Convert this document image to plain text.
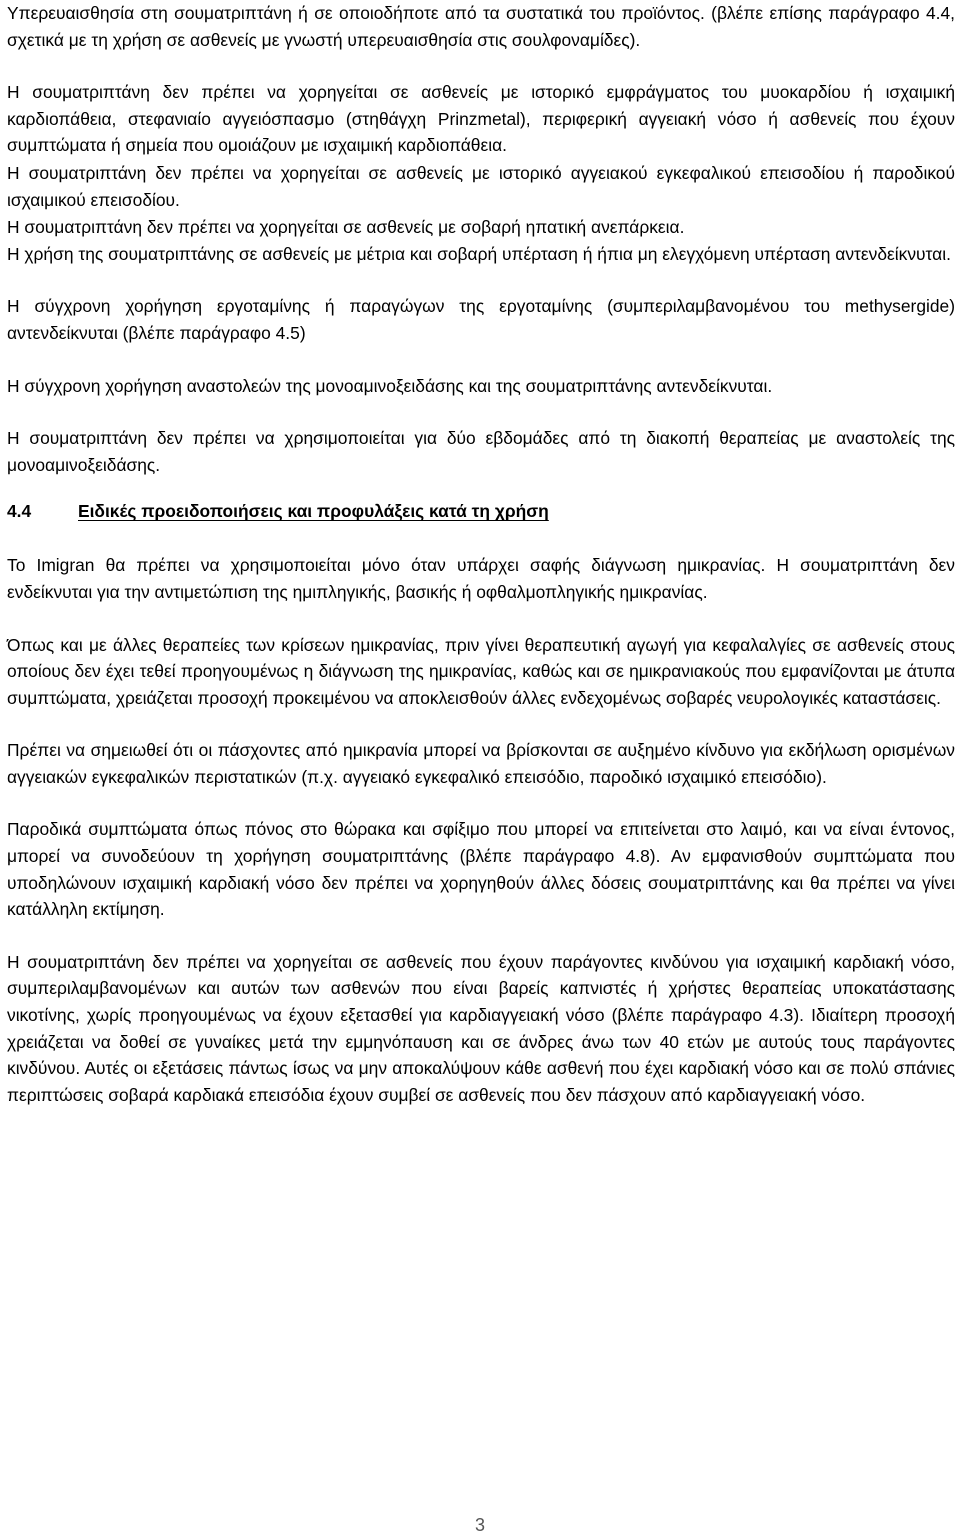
Υπερευαισθησία στη σουματριπτάνη ή σε οποιοδήποτε από τα συστατικά του προϊόντος. (βλέπε επίσης παράγραφο 4.4, σχετικά με τη χρήση σε ασθενείς με γνωστή υπερευαισθησία στις σουλφοναμίδες).

Η σουματριπτάνη δεν πρέπει να χορηγείται σε ασθενείς με ιστορικό εμφράγματος του μυοκαρδίου ή ισχαιμική καρδιοπάθεια, στεφανιαίο αγγειόσπασμο (στηθάγχη Prinzmetal), περιφερική αγγειακή νόσο ή ασθενείς που έχουν συμπτώματα ή σημεία που ομοιάζουν με ισχαιμική καρδιοπάθεια.

Η σουματριπτάνη δεν πρέπει να χορηγείται σε ασθενείς με ιστορικό αγγειακού εγκεφαλικού επεισοδίου ή παροδικού ισχαιμικού επεισοδίου.

Η σουματριπτάνη δεν πρέπει να χορηγείται σε ασθενείς με σοβαρή ηπατική ανεπάρκεια.

Η χρήση της σουματριπτάνης σε ασθενείς με μέτρια και σοβαρή υπέρταση ή ήπια μη ελεγχόμενη υπέρταση αντενδείκνυται.

Η σύγχρονη χορήγηση εργοταμίνης ή παραγώγων της εργοταμίνης (συμπεριλαμβανομένου του methysergide) αντενδείκνυται (βλέπε παράγραφο 4.5)

Η σύγχρονη χορήγηση αναστολεών της μονοαμινοξειδάσης και της σουματριπτάνης αντενδείκνυται.

Η σουματριπτάνη δεν πρέπει να χρησιμοποιείται για δύο εβδομάδες από τη διακοπή θεραπείας με αναστολείς της μονοαμινοξειδάσης.

4.4	Ειδικές προειδοποιήσεις και προφυλάξεις κατά τη χρήση

Το Imigran θα πρέπει να χρησιμοποιείται μόνο όταν υπάρχει σαφής διάγνωση ημικρανίας. Η σουματριπτάνη δεν ενδείκνυται για την αντιμετώπιση της ημιπληγικής, βασικής ή οφθαλμοπληγικής ημικρανίας.

Όπως και με άλλες θεραπείες των κρίσεων ημικρανίας, πριν γίνει θεραπευτική αγωγή για κεφαλαλγίες σε ασθενείς στους οποίους δεν έχει τεθεί προηγουμένως η διάγνωση της ημικρανίας, καθώς και σε ημικρανιακούς που εμφανίζονται με άτυπα συμπτώματα, χρειάζεται προσοχή προκειμένου να αποκλεισθούν άλλες ενδεχομένως σοβαρές νευρολογικές καταστάσεις.

Πρέπει να σημειωθεί ότι οι πάσχοντες από ημικρανία μπορεί να βρίσκονται σε αυξημένο κίνδυνο για εκδήλωση ορισμένων αγγειακών εγκεφαλικών περιστατικών (π.χ. αγγειακό εγκεφαλικό επεισόδιο, παροδικό ισχαιμικό επεισόδιο).

Παροδικά συμπτώματα όπως πόνος στο θώρακα και σφίξιμο που μπορεί να επιτείνεται στο λαιμό, και να είναι έντονος, μπορεί να συνοδεύουν τη χορήγηση σουματριπτάνης (βλέπε παράγραφο 4.8). Αν εμφανισθούν συμπτώματα που υποδηλώνουν ισχαιμική καρδιακή νόσο δεν πρέπει να χορηγηθούν άλλες δόσεις σουματριπτάνης και θα πρέπει να γίνει κατάλληλη εκτίμηση.

Η σουματριπτάνη δεν πρέπει να χορηγείται σε ασθενείς που έχουν παράγοντες κινδύνου για ισχαιμική καρδιακή νόσο, συμπεριλαμβανομένων και αυτών των ασθενών που είναι βαρείς καπνιστές ή χρήστες θεραπείας υποκατάστασης νικοτίνης, χωρίς προηγουμένως να έχουν εξετασθεί για καρδιαγγειακή νόσο (βλέπε παράγραφο 4.3). Ιδιαίτερη προσοχή χρειάζεται να δοθεί σε γυναίκες μετά την εμμηνόπαυση και σε άνδρες άνω των 40 ετών με αυτούς τους παράγοντες κινδύνου. Αυτές οι εξετάσεις πάντως ίσως να μην αποκαλύψουν κάθε ασθενή που έχει καρδιακή νόσο και σε πολύ σπάνιες περιπτώσεις σοβαρά καρδιακά επεισόδια έχουν συμβεί σε ασθενείς που δεν πάσχουν από καρδιαγγειακή νόσο.

3
